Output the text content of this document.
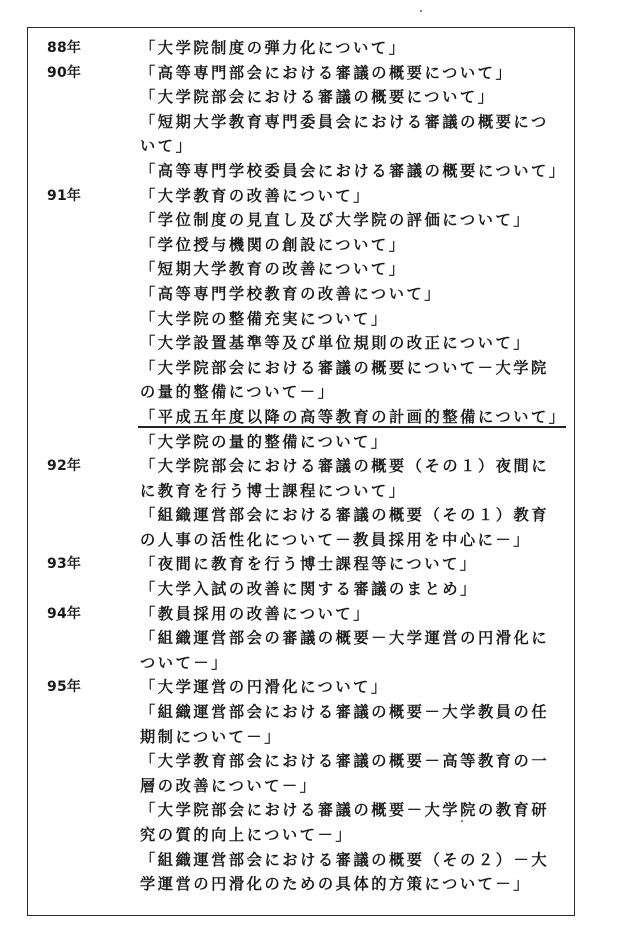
88年	「大学院制度の弾力化について」
90年	「高等専門部会における審議の概要について」
「大学院部会における審議の概要について」
「短期大学教育専門委員会における審議の概要につ
いて」
「高等専門学校委員会における審議の概要について」
91年	「大学教育の改善について」
「学位制度の見直し及び大学院の評価について」
「学位授与機関の創設について」
「短期大学教育の改善について」
「高等専門学校教育の改善について」
「大学院の整備充実について」
「大学設置基準等及び単位規則の改正について」
「大学院部会における審議の概要について－大学院
の量的整備について－」
「平成五年度以降の高等教育の計画的整備について」
「大学院の量的整備について」
92年	「大学院部会における審議の概要（その１）夜間に
に教育を行う博士課程について」
「組織運営部会における審議の概要（その１）教育
の人事の活性化について－教員採用を中心に－」
93年	「夜間に教育を行う博士課程等について」
「大学入試の改善に関する審議のまとめ」
94年	「教員採用の改善について」
「組織運営部会の審議の概要－大学運営の円滑化に
ついて－」
95年	「大学運営の円滑化について」
「組織運営部会における審議の概要－大学教員の任
期制について－」
「大学教育部会における審議の概要－高等教育の一
層の改善について－」
「大学院部会における審議の概要－大学院の教育研
究の質的向上について－」
「組織運営部会における審議の概要（その２）－大
学運営の円滑化のための具体的方策について－」
